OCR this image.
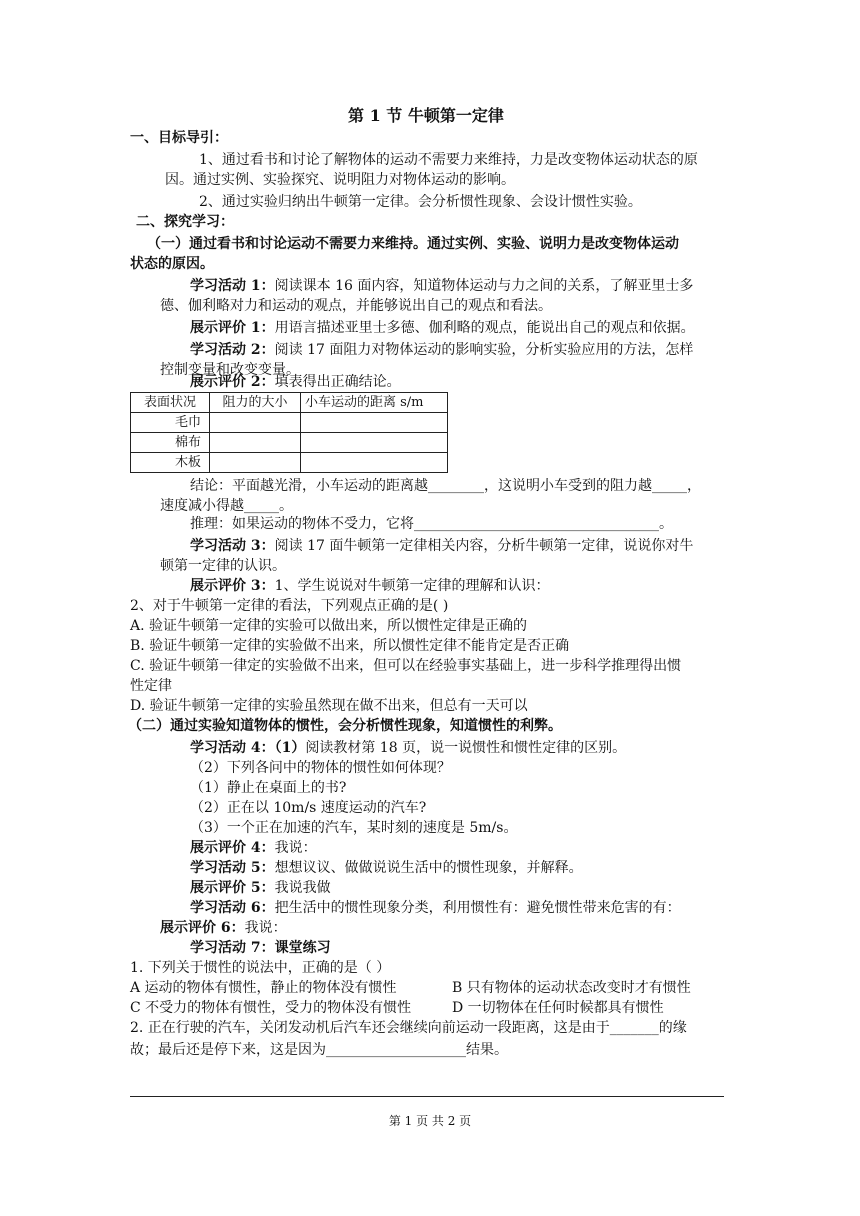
第 1 节 牛顿第一定律
一、目标导引：
1、通过看书和讨论了解物体的运动不需要力来维持，力是改变物体运动状态的原
因。通过实例、实验探究、说明阻力对物体运动的影响。
2、通过实验归纳出牛顿第一定律。会分析惯性现象、会设计惯性实验。
二、探究学习：
（一）通过看书和讨论运动不需要力来维持。通过实例、实验、说明力是改变物体运动
状态的原因。
学习活动 1：阅读课本 16 面内容，知道物体运动与力之间的关系，了解亚里士多
德、伽利略对力和运动的观点，并能够说出自己的观点和看法。
展示评价 1：用语言描述亚里士多德、伽利略的观点，能说出自己的观点和依据。
学习活动 2：阅读 17 面阻力对物体运动的影响实验，分析实验应用的方法，怎样
控制变量和改变变量。
展示评价 2：填表得出正确结论。
表面状况	阻力的大小	小车运动的距离 s/m
毛巾		
棉布		
木板		
结论：平面越光滑，小车运动的距离越________，这说明小车受到的阻力越_____，
速度减小得越_____。
推理：如果运动的物体不受力，它将___________________________________。
学习活动 3：阅读 17 面牛顿第一定律相关内容，分析牛顿第一定律，说说你对牛
顿第一定律的认识。
展示评价 3：1、学生说说对牛顿第一定律的理解和认识：
2、对于牛顿第一定律的看法，下列观点正确的是( )
A. 验证牛顿第一定律的实验可以做出来，所以惯性定律是正确的
B. 验证牛顿第一定律的实验做不出来，所以惯性定律不能肯定是否正确
C. 验证牛顿第一律定的实验做不出来，但可以在经验事实基础上，进一步科学推理得出惯
性定律
D. 验证牛顿第一定律的实验虽然现在做不出来，但总有一天可以
（二）通过实验知道物体的惯性，会分析惯性现象，知道惯性的利弊。
学习活动 4：（1）阅读教材第 18 页，说一说惯性和惯性定律的区别。
（2）下列各问中的物体的惯性如何体现？
（1）静止在桌面上的书?
（2）正在以 10m/s 速度运动的汽车?
（3）一个正在加速的汽车，某时刻的速度是 5m/s。
展示评价 4：我说：
学习活动 5：想想议议、做做说说生活中的惯性现象，并解释。
展示评价 5：我说我做
学习活动 6：把生活中的惯性现象分类，利用惯性有：避免惯性带来危害的有：
展示评价 6：我说：
学习活动 7：课堂练习
1. 下列关于惯性的说法中，正确的是（ ）
A 运动的物体有惯性，静止的物体没有惯性	B 只有物体的运动状态改变时才有惯性
C 不受力的物体有惯性，受力的物体没有惯性	D 一切物体在任何时候都具有惯性
2. 正在行驶的汽车，关闭发动机后汽车还会继续向前运动一段距离，这是由于_______的缘
故；最后还是停下来，这是因为____________________结果。
第 1 页 共 2 页
